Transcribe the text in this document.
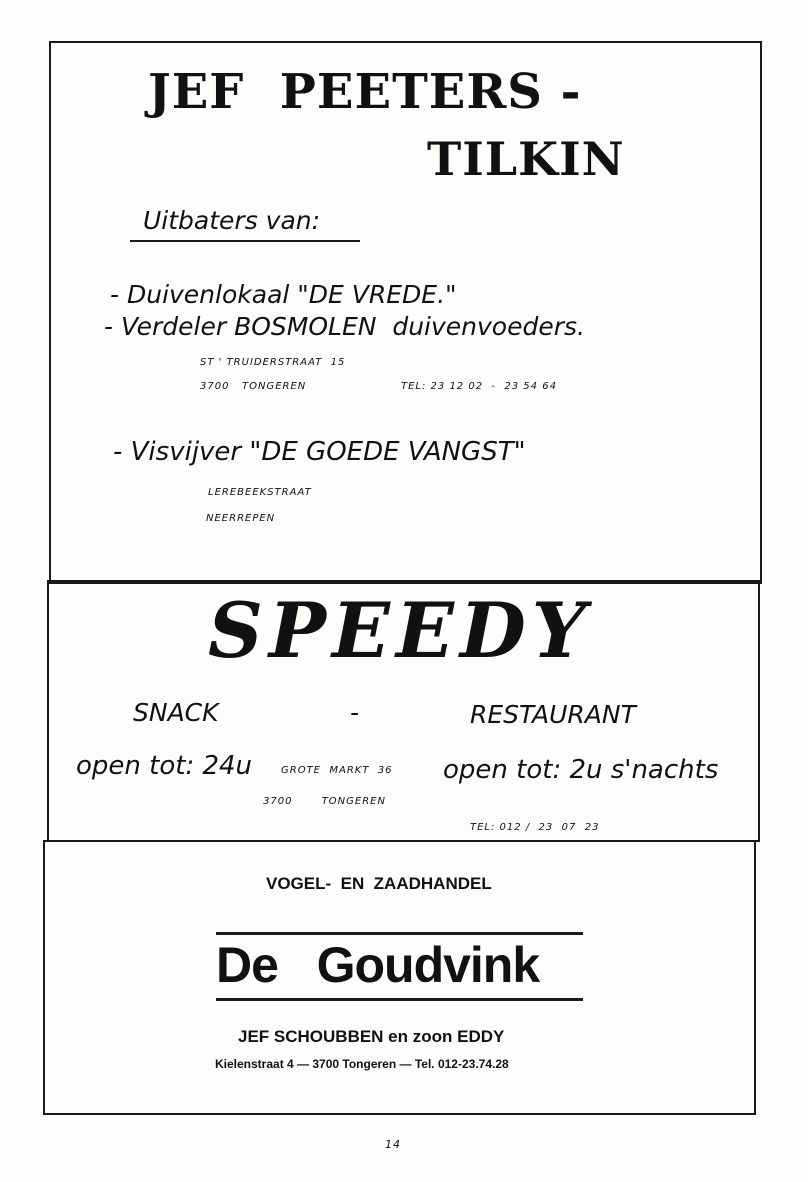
JEF  PEETERS -
TILKIN
Uitbaters van:
- Duivenlokaal "DE VREDE."
- Verdeler BOSMOLEN  duivenvoeders.
ST ' TRUIDERSTRAAT  15
3700   TONGEREN	TEL: 23 12 02  -  23 54 64
- Visvijver "DE GOEDE VANGST"
LEREBEEKSTRAAT
NEERREPEN
SPEEDY
SNACK	-	RESTAURANT
open tot: 24u	GROTE  MARKT  36 open tot: 2u s'nachts
3700       TONGEREN
TEL: 012 /  23  07  23
VOGEL-  EN  ZAADHANDEL
De   Goudvink
JEF SCHOUBBEN en zoon EDDY
Kielenstraat 4 — 3700 Tongeren — Tel. 012-23.74.28
14
